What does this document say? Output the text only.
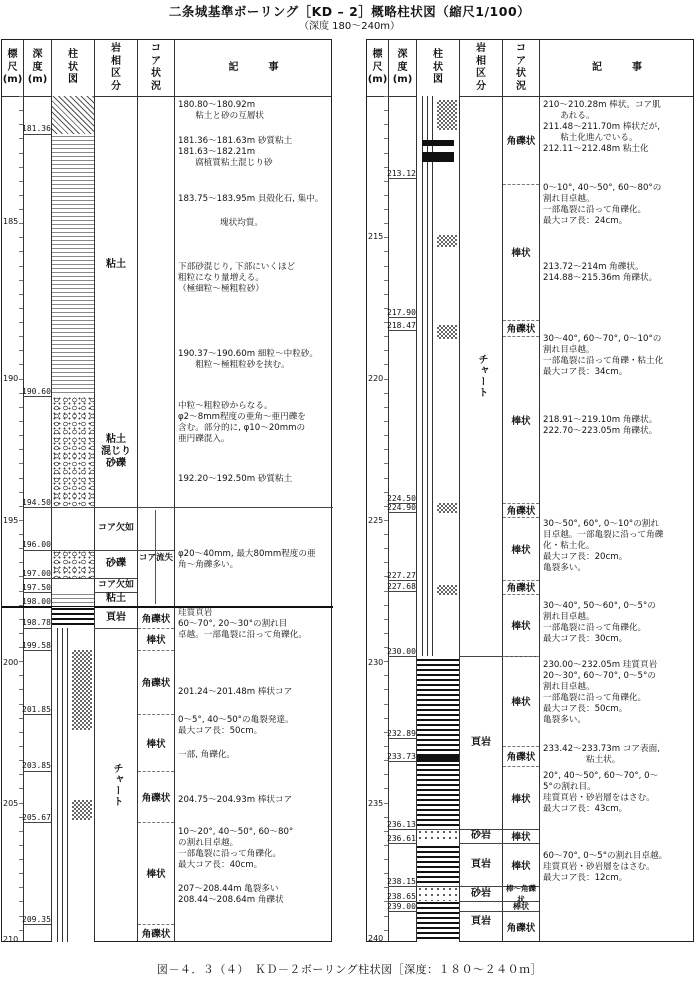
二条城基準ボーリング［KD – 2］概略柱状図（縮尺1/100）
（深度 180〜240m）
標
尺
(m)
深
度
(m)
柱
状
図
岩
相
区
分
コ
ア
状
況
記　　　事
185
190
195
200
205
210
181.36
190.60
194.50
196.00
197.00
197.50
198.00
198.78
199.58
201.85
203.85
205.67
209.35
粘土
粘土
混じり
砂礫
コア欠如
砂礫
コア欠如
粘土
頁岩
チャート
コア流失
角礫状
棒状
角礫状
棒状
角礫状
棒状
角礫状
180.80～180.92m
　　粘土と砂の互層状
181.36～181.63m 砂質粘土
181.63～182.21m
　　腐植質粘土混じり砂
183.75～183.95m 貝殻化石, 集中。
塊状均質。
下部砂混じり, 下部にいくほど
粗粒になり量増える。
（極細粒～極粗粒砂）
190.37～190.60m 細粒～中粒砂。
　　粗粒～極粗粒砂を挟む。
中粒～粗粒砂からなる。
φ2～8mm程度の亜角～亜円礫を
含む。部分的に, φ10～20mmの
亜円礫混入。
192.20～192.50m 砂質粘土
φ20～40mm, 最大80mm程度の亜
角～角礫多い。
珪質頁岩
60～70°, 20～30°の割れ目
卓越。一部亀裂に沿って角礫化。
201.24～201.48m 棒状コア
0～5°, 40～50°の亀裂発達。
最大コア長：50cm。
一部, 角礫化。
204.75～204.93m 棒状コア
10～20°, 40～50°, 60～80°
の割れ目卓越。
一部亀裂に沿って角礫化。
最大コア長：40cm。
207～208.44m 亀裂多い
208.44～208.64m 角礫状
標
尺
(m)
深
度
(m)
柱
状
図
岩
相
区
分
コ
ア
状
況
記　　　事
215
220
225
230
235
240
213.12
217.90
218.47
224.50
224.90
227.27
227.68
230.00
232.89
233.73
236.13
236.61
238.15
238.65
239.00
チャート
頁岩
砂岩
頁岩
砂岩
頁岩
角礫状
棒状
角礫状
棒状
角礫状
棒状
角礫状
棒状
棒状
角礫状
棒状
棒状
棒状
棒～角礫状
棒状
角礫状
210～210.28m 棒状。コア肌
　　あれる。
211.48～211.70m 棒状だが,
　　粘土化進んでいる。
212.11～212.48m 粘土化
0～10°, 40～50°, 60～80°の
割れ目卓越。
一部亀裂に沿って角礫化。
最大コア長：24cm。
213.72～214m 角礫状。
214.88～215.36m 角礫状。
30～40°, 60～70°, 0～10°の
割れ目卓越。
一部亀裂に沿って角礫・粘土化
最大コア長：34cm。
218.91～219.10m 角礫状。
222.70～223.05m 角礫状。
30～50°, 60°, 0～10°の割れ
目卓越。一部亀裂に沿って角礫
化・粘土化。
最大コア長：20cm。
亀裂多い。
30～40°, 50～60°, 0～5°の
割れ目卓越。
一部亀裂に沿って角礫化。
最大コア長：30cm。
230.00～232.05m 珪質頁岩
20～30°, 60～70°, 0～5°の
割れ目卓越。
一部亀裂に沿って角礫化。
最大コア長：50cm。
亀裂多い。
233.42～233.73m コア表面,
　　　　　粘土状。
20°, 40～50°, 60～70°, 0～
5°の割れ目。
珪質頁岩・砂岩層をはさむ。
最大コア長：43cm。
60～70°, 0～5°の割れ目卓越。
珪質頁岩・砂岩層をはさむ。
最大コア長：12cm。
図－４．３（４）　ＫＤ－２ボーリング柱状図［深度：１８０～２４０ｍ］
